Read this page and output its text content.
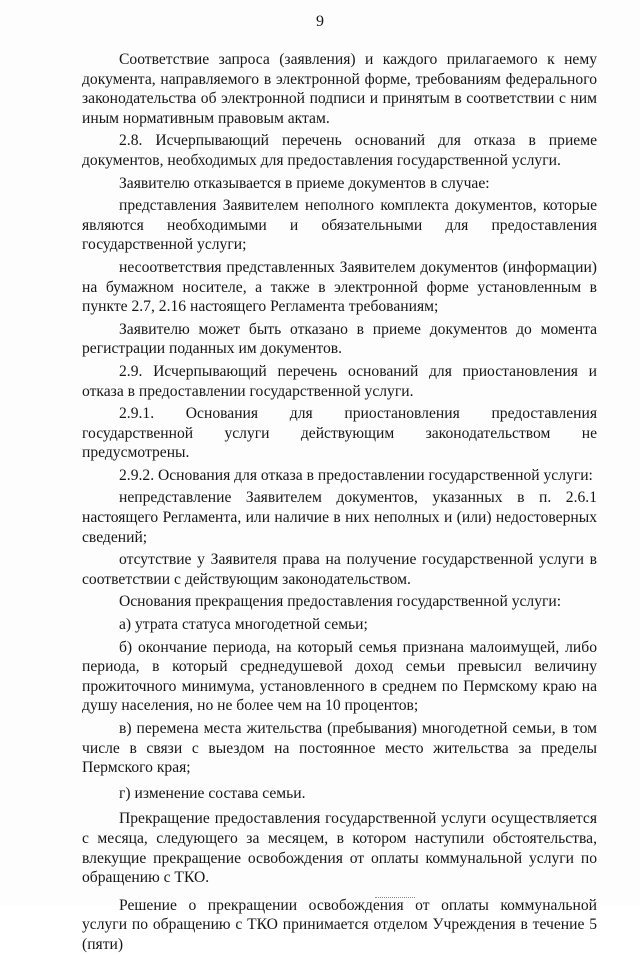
9

Соответствие запроса (заявления) и каждого прилагаемого к нему документа, направляемого в электронной форме, требованиям федерального законодательства об электронной подписи и принятым в соответствии с ним иным нормативным правовым актам.

2.8. Исчерпывающий перечень оснований для отказа в приеме документов, необходимых для предоставления государственной услуги.

Заявителю отказывается в приеме документов в случае:

представления Заявителем неполного комплекта документов, которые являются необходимыми и обязательными для предоставления государственной услуги;

несоответствия представленных Заявителем документов (информации) на бумажном носителе, а также в электронной форме установленным в пункте 2.7, 2.16 настоящего Регламента требованиям;

Заявителю может быть отказано в приеме документов до момента регистрации поданных им документов.

2.9. Исчерпывающий перечень оснований для приостановления и отказа в предоставлении государственной услуги.

2.9.1. Основания для приостановления предоставления государственной услуги действующим законодательством не предусмотрены.

2.9.2. Основания для отказа в предоставлении государственной услуги:

непредставление Заявителем документов, указанных в п. 2.6.1 настоящего Регламента, или наличие в них неполных и (или) недостоверных сведений;

отсутствие у Заявителя права на получение государственной услуги в соответствии с действующим законодательством.

Основания прекращения предоставления государственной услуги:

а) утрата статуса многодетной семьи;

б) окончание периода, на который семья признана малоимущей, либо периода, в который среднедушевой доход семьи превысил величину прожиточного минимума, установленного в среднем по Пермскому краю на душу населения, но не более чем на 10 процентов;

в) перемена места жительства (пребывания) многодетной семьи, в том числе в связи с выездом на постоянное место жительства за пределы Пермского края;

г) изменение состава семьи.

Прекращение предоставления государственной услуги осуществляется с месяца, следующего за месяцем, в котором наступили обстоятельства, влекущие прекращение освобождения от оплаты коммунальной услуги по обращению с ТКО.

Решение о прекращении освобождения от оплаты коммунальной услуги по обращению с ТКО принимается отделом Учреждения в течение 5 (пяти)
